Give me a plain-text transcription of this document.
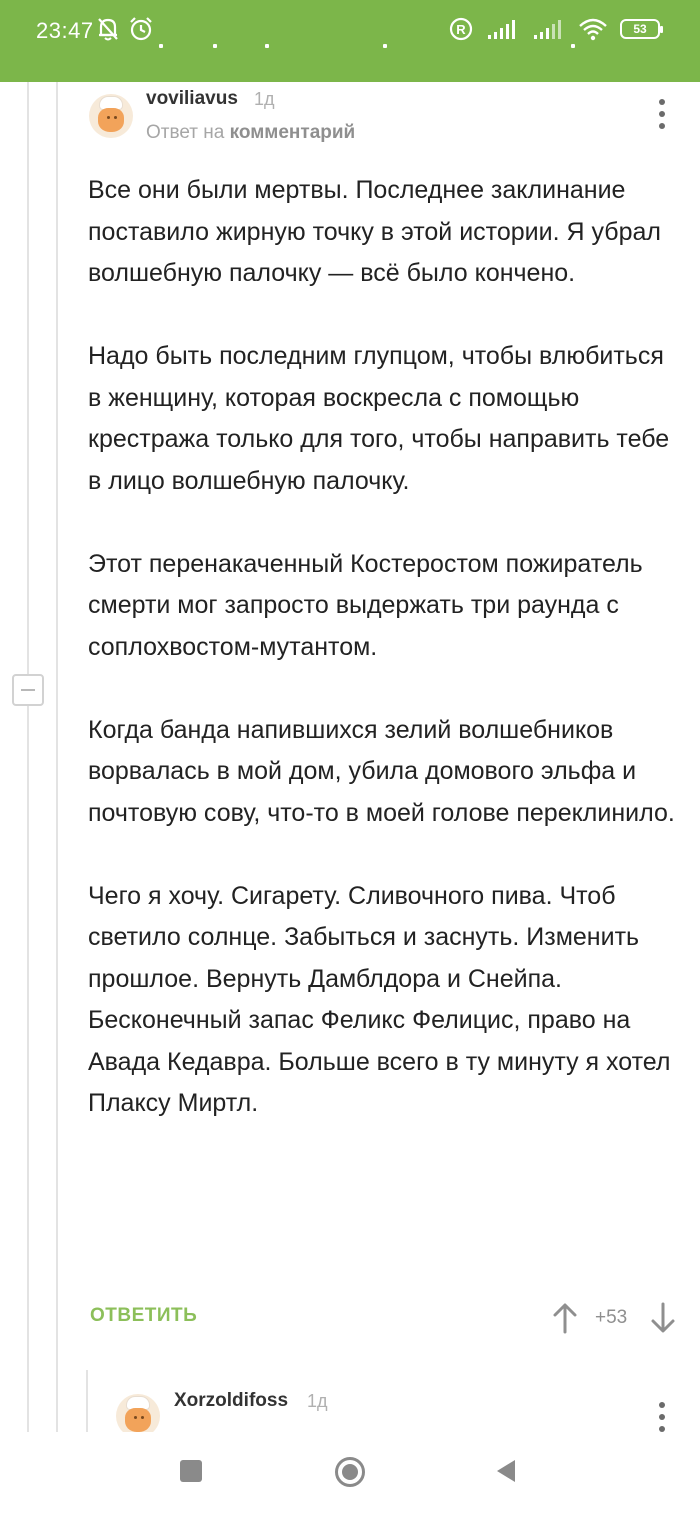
23:47	R	53
voviliavus 1д
Ответ на комментарий

Все они были мертвы. Последнее заклинание поставило жирную точку в этой истории. Я убрал волшебную палочку — всё было кончено.

Надо быть последним глупцом, чтобы влюбиться в женщину, которая воскресла с помощью крестража только для того, чтобы направить тебе в лицо волшебную палочку.

Этот перенакаченный Костеростом пожиратель смерти мог запросто выдержать три раунда с соплохвостом-мутантом.

Когда банда напившихся зелий волшебников ворвалась в мой дом, убила домового эльфа и почтовую сову, что-то в моей голове переклинило.

Чего я хочу. Сигарету. Сливочного пива. Чтоб светило солнце. Забыться и заснуть. Изменить прошлое. Вернуть Дамблдора и Снейпа. Бесконечный запас Феликс Фелицис, право на Авада Кедавра. Больше всего в ту минуту я хотел Плаксу Миртл.

ОТВЕТИТЬ	+53
Xorzoldifoss 1д
